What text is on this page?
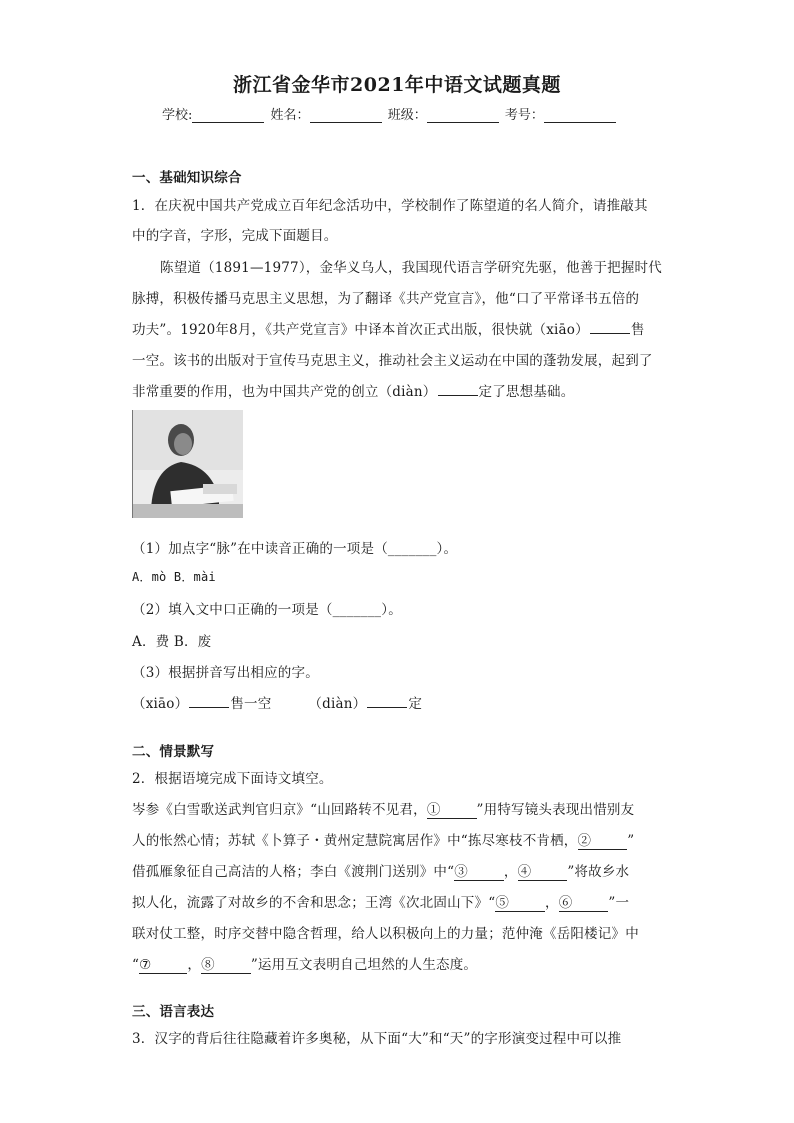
浙江省金华市2021年中语文试题真题
学校:	姓名：	班级：	考号：
一、基础知识综合
1．在庆祝中国共产党成立百年纪念活功中，学校制作了陈望道的名人简介，请推敲其
中的字音，字形，完成下面题目。
陈望道（1891—1977），金华义乌人，我国现代语言学研究先驱，他善于把握时代
脉搏，积极传播马克思主义思想，为了翻译《共产党宣言》，他“口了平常译书五倍的
功夫”。1920年8月，《共产党宣言》中译本首次正式出版，很快就（xiāo）	售
一空。该书的出版对于宣传马克思主义，推动社会主义运动在中国的蓬勃发展，起到了
非常重要的作用，也为中国共产党的创立（diàn）	定了思想基础。
（1）加点字“脉”在中读音正确的一项是（_______）。
A．mò B．mài
（2）填入文中口正确的一项是（_______）。
A．费 B．废
（3）根据拼音写出相应的字。
（xiāo）	售一空	（diàn）	定
二、情景默写
2．根据语境完成下面诗文填空。
岑参《白雪歌送武判官归京》“山回路转不见君，①	”用特写镜头表现出惜别友
人的怅然心情；苏轼《卜算子・黄州定慧院寓居作》中“拣尽寒枝不肯栖，②	”
借孤雁象征自己高洁的人格；李白《渡荆门送别》中“③	，④	”将故乡水
拟人化，流露了对故乡的不舍和思念；王湾《次北固山下》“⑤	，⑥	”一
联对仗工整，时序交替中隐含哲理，给人以积极向上的力量；范仲淹《岳阳楼记》中
“⑦	，⑧	”运用互文表明自己坦然的人生态度。
三、语言表达
3．汉字的背后往往隐藏着许多奥秘，从下面“大”和“天”的字形演变过程中可以推
